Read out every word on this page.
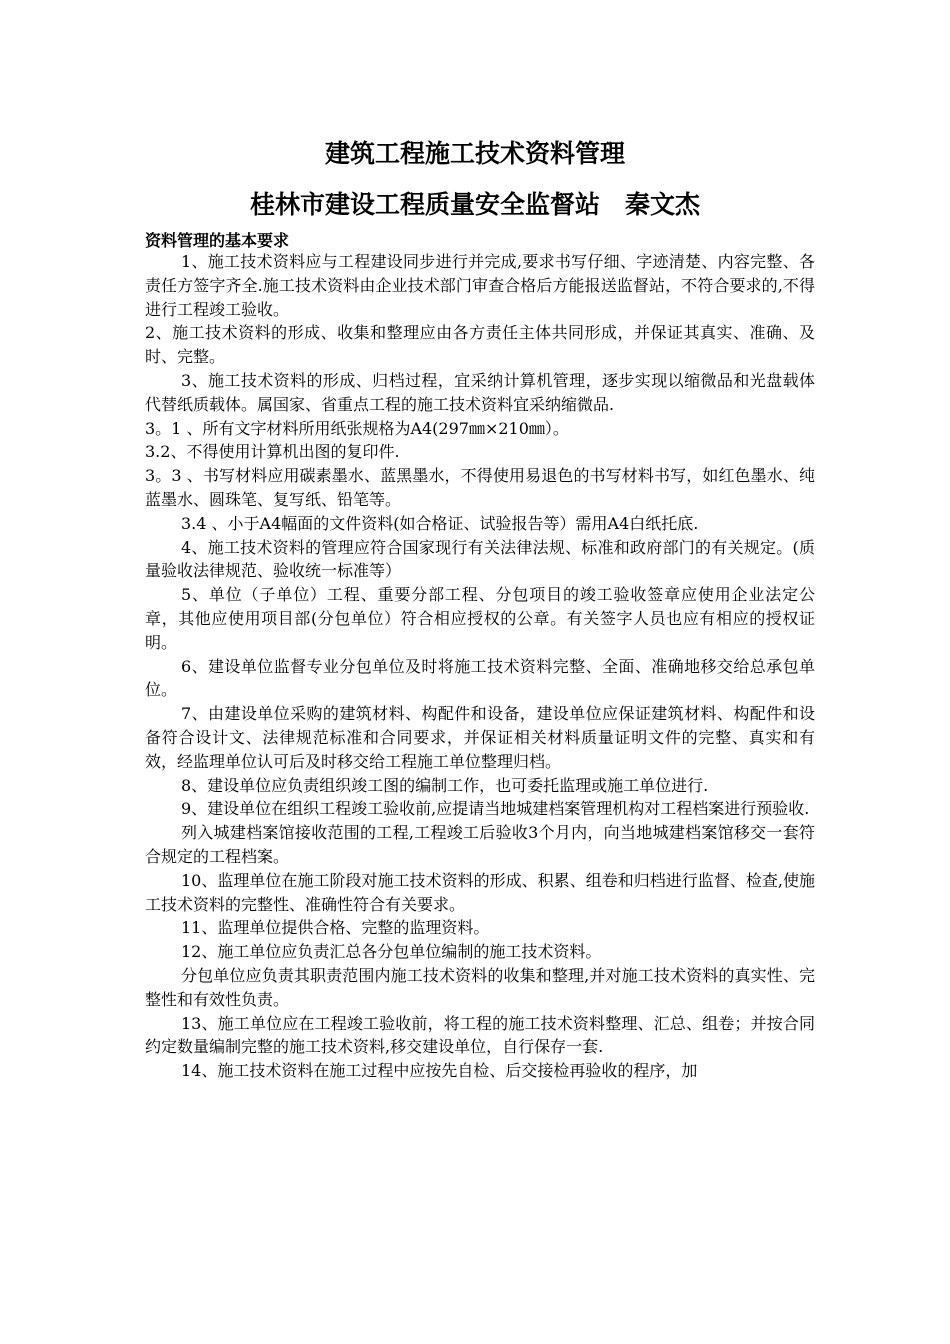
建筑工程施工技术资料管理
桂林市建设工程质量安全监督站　秦文杰
资料管理的基本要求

1、施工技术资料应与工程建设同步进行并完成,要求书写仔细、字迹清楚、内容完整、各责任方签字齐全.施工技术资料由企业技术部门审查合格后方能报送监督站，不符合要求的,不得进行工程竣工验收。

2、施工技术资料的形成、收集和整理应由各方责任主体共同形成，并保证其真实、准确、及时、完整。

3、施工技术资料的形成、归档过程，宜采纳计算机管理，逐步实现以缩微品和光盘载体代替纸质载体。属国家、省重点工程的施工技术资料宜采纳缩微品.

3。1 、所有文字材料所用纸张规格为A4(297㎜×210㎜）。

3.2、不得使用计算机出图的复印件.

3。3 、书写材料应用碳素墨水、蓝黑墨水，不得使用易退色的书写材料书写，如红色墨水、纯蓝墨水、圆珠笔、复写纸、铅笔等。

3.4 、小于A4幅面的文件资料(如合格证、试验报告等）需用A4白纸托底.

4、施工技术资料的管理应符合国家现行有关法律法规、标准和政府部门的有关规定。(质量验收法律规范、验收统一标准等）

5、单位（子单位）工程、重要分部工程、分包项目的竣工验收签章应使用企业法定公章，其他应使用项目部(分包单位）符合相应授权的公章。有关签字人员也应有相应的授权证明。

6、建设单位监督专业分包单位及时将施工技术资料完整、全面、准确地移交给总承包单位。

7、由建设单位采购的建筑材料、构配件和设备，建设单位应保证建筑材料、构配件和设备符合设计文、法律规范标准和合同要求，并保证相关材料质量证明文件的完整、真实和有效，经监理单位认可后及时移交给工程施工单位整理归档。

8、建设单位应负责组织竣工图的编制工作，也可委托监理或施工单位进行.

9、建设单位在组织工程竣工验收前,应提请当地城建档案管理机构对工程档案进行预验收.

列入城建档案馆接收范围的工程,工程竣工后验收3个月内，向当地城建档案馆移交一套符合规定的工程档案。

10、监理单位在施工阶段对施工技术资料的形成、积累、组卷和归档进行监督、检查,使施工技术资料的完整性、准确性符合有关要求。

11、监理单位提供合格、完整的监理资料。

12、施工单位应负责汇总各分包单位编制的施工技术资料。

分包单位应负责其职责范围内施工技术资料的收集和整理,并对施工技术资料的真实性、完整性和有效性负责。

13、施工单位应在工程竣工验收前，将工程的施工技术资料整理、汇总、组卷；并按合同约定数量编制完整的施工技术资料,移交建设单位，自行保存一套.

14、施工技术资料在施工过程中应按先自检、后交接检再验收的程序，加
